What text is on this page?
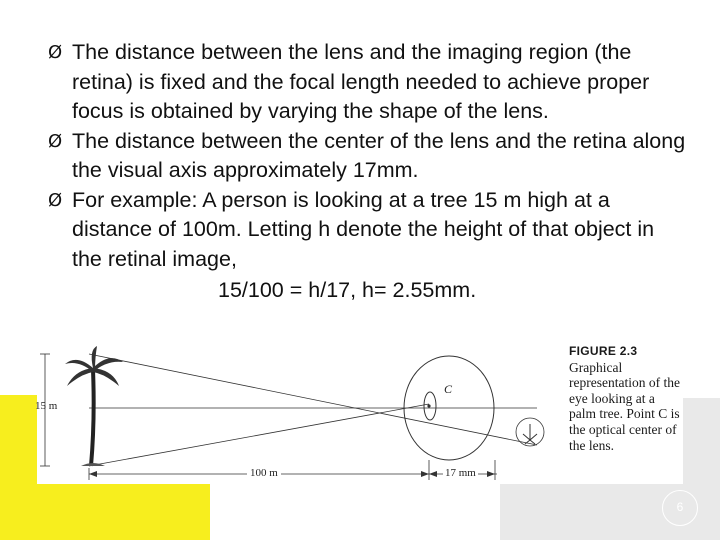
Ø The distance between the lens and the imaging region (the retina) is fixed and the focal length needed to achieve proper focus is obtained by varying the shape of the lens.

Ø The distance between the center of the lens and the retina along the visual axis approximately 17mm.

Ø For example: A person is looking at a tree 15 m high at a distance of 100m. Letting h denote the height of that object in the retinal image,

15/100 = h/17, h= 2.55mm.

15 m
100 m	17 mm
C
FIGURE 2.3
Graphical representation of the eye looking at a palm tree. Point C is the optical center of the lens.
6
